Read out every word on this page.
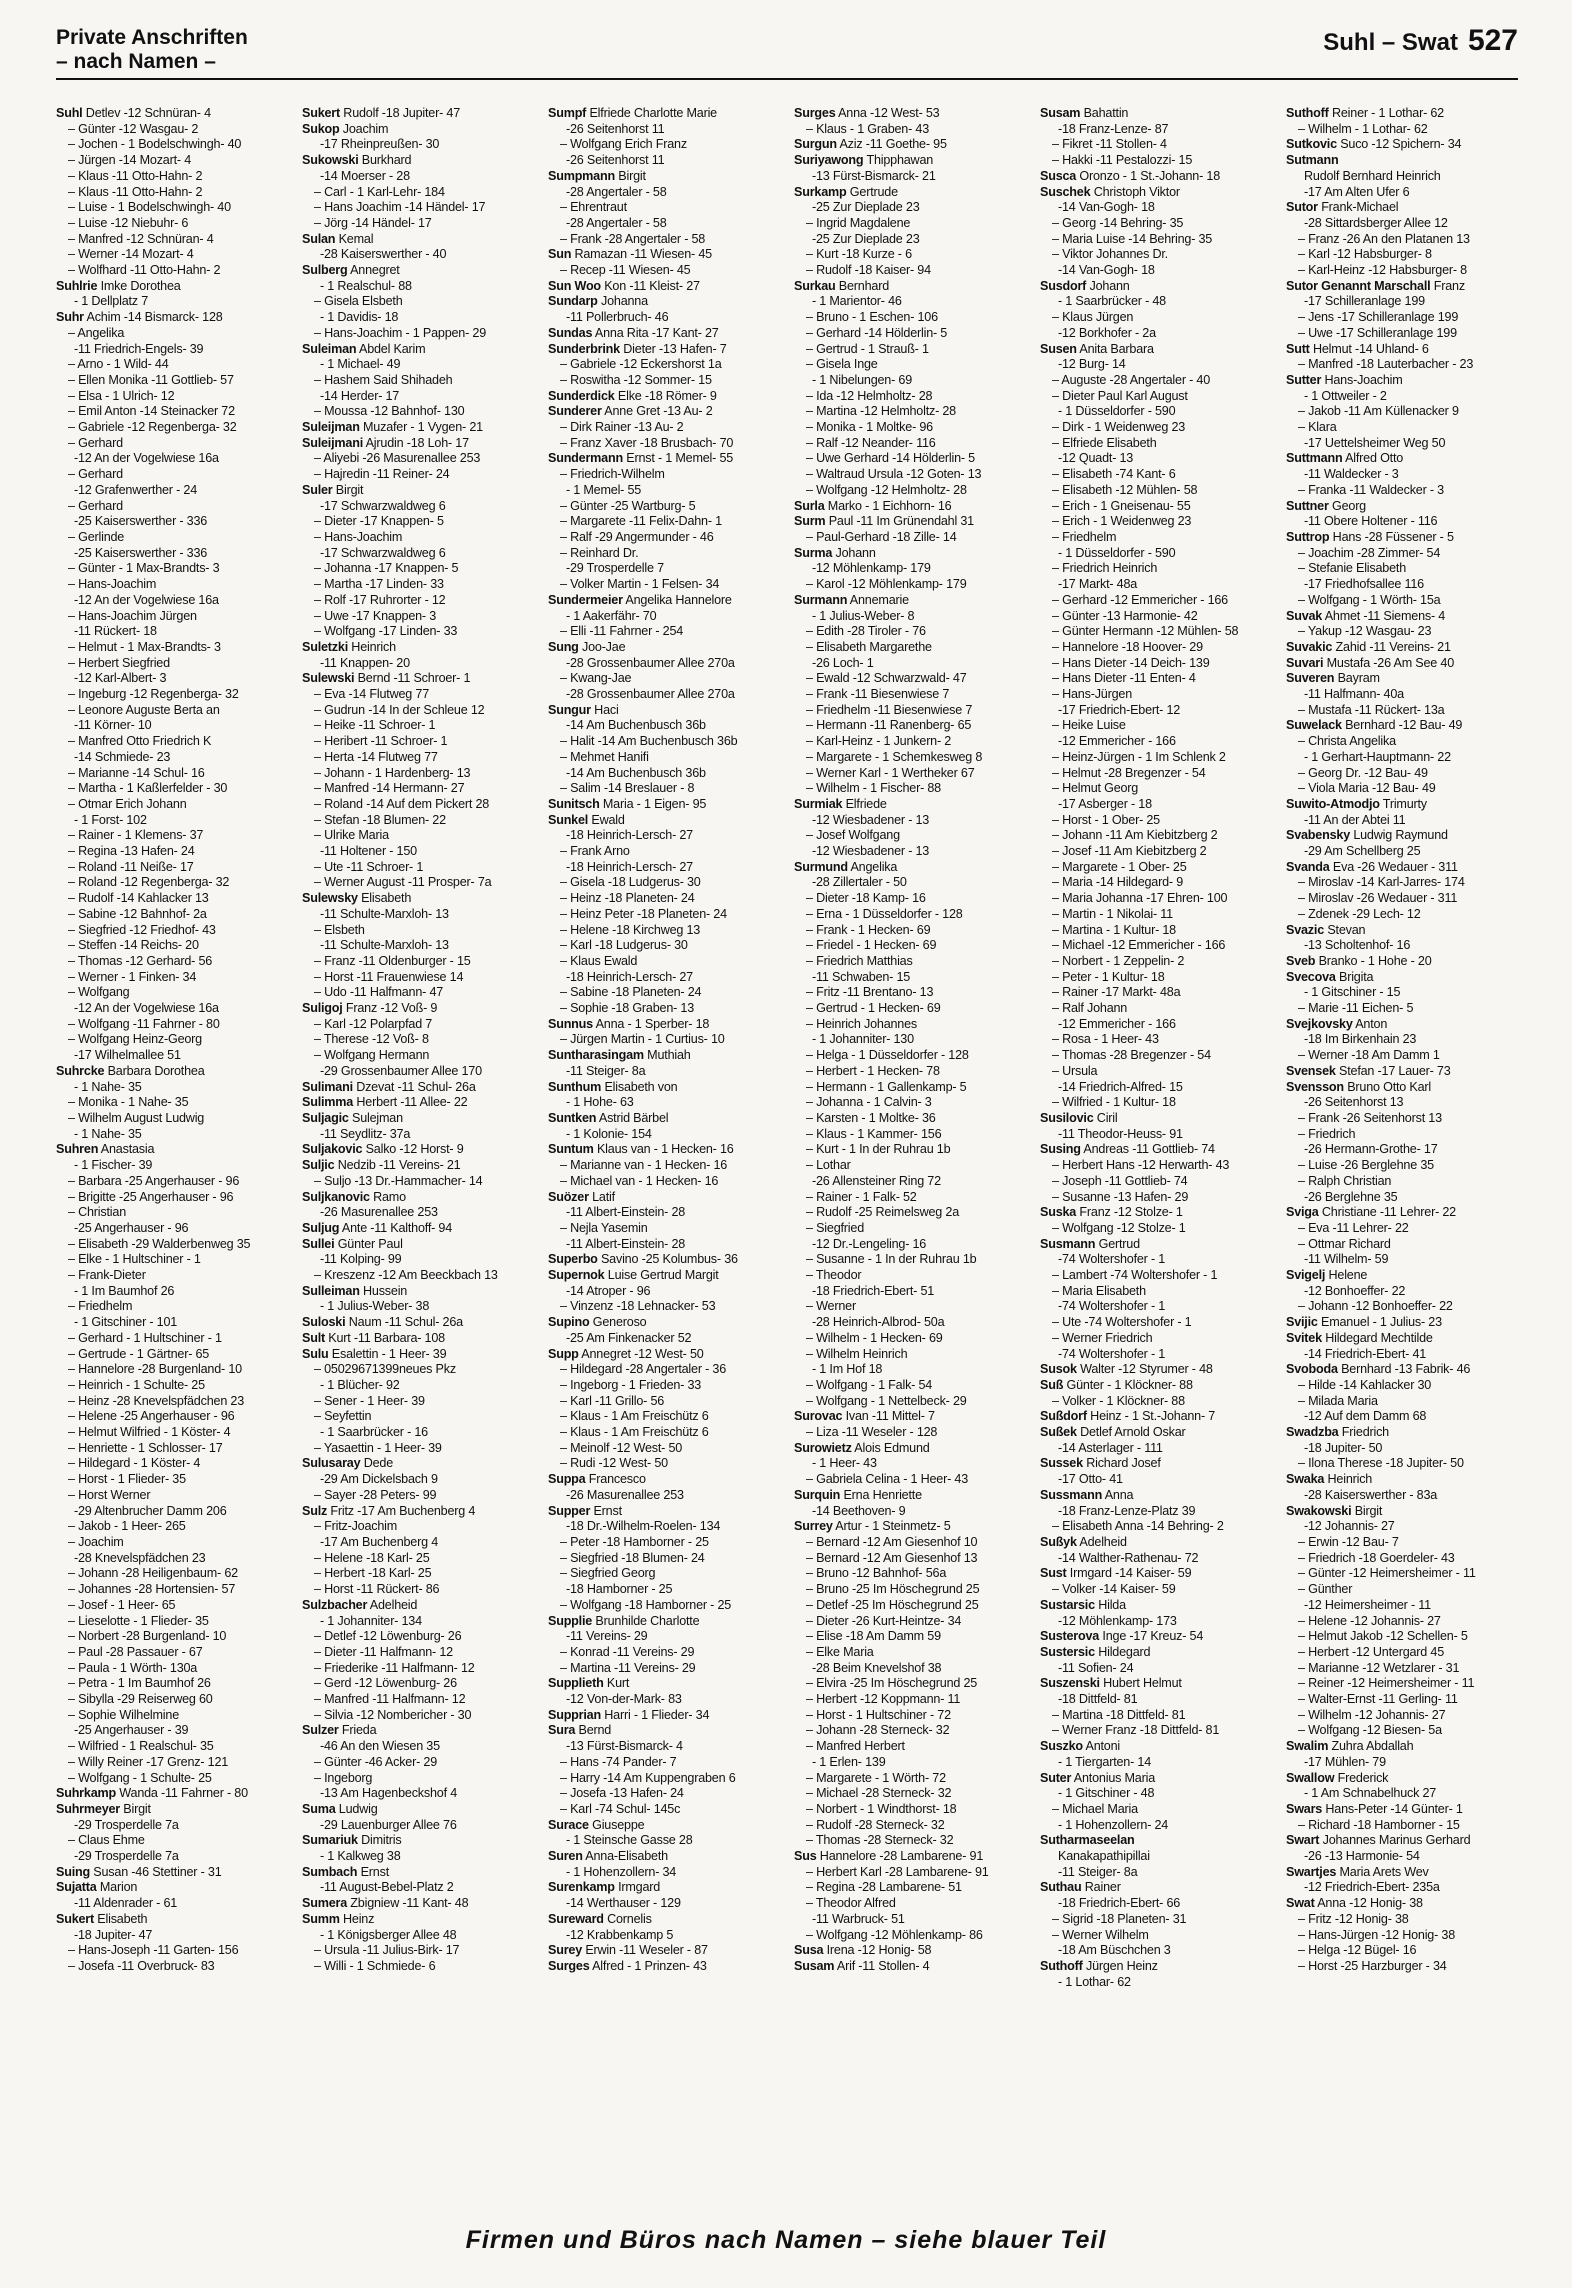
Private Anschriften
– nach Namen –
Suhl – Swat 527
Suhl Detlev -12 Schnüran- 4
– Günter -12 Wasgau- 2
– Jochen - 1 Bodelschwingh- 40
– Jürgen -14 Mozart- 4
– Klaus -11 Otto-Hahn- 2
– Klaus -11 Otto-Hahn- 2
– Luise - 1 Bodelschwingh- 40
– Luise -12 Niebuhr- 6
– Manfred -12 Schnüran- 4
– Werner -14 Mozart- 4
– Wolfhard -11 Otto-Hahn- 2
Suhlrie Imke Dorothea
- 1 Dellplatz 7
Suhr Achim -14 Bismarck- 128
– Angelika
-11 Friedrich-Engels- 39
– Arno - 1 Wild- 44
– Ellen Monika -11 Gottlieb- 57
– Elsa - 1 Ulrich- 12
– Emil Anton -14 Steinacker 72
– Gabriele -12 Regenberga- 32
– Gerhard
-12 An der Vogelwiese 16a
– Gerhard
-12 Grafenwerther - 24
– Gerhard
-25 Kaiserswerther - 336
– Gerlinde
-25 Kaiserswerther - 336
– Günter - 1 Max-Brandts- 3
– Hans-Joachim
-12 An der Vogelwiese 16a
– Hans-Joachim Jürgen
-11 Rückert- 18
– Helmut - 1 Max-Brandts- 3
– Herbert Siegfried
-12 Karl-Albert- 3
– Ingeburg -12 Regenberga- 32
– Leonore Auguste Berta an
-11 Körner- 10
– Manfred Otto Friedrich K
-14 Schmiede- 23
– Marianne -14 Schul- 16
– Martha - 1 Kaßlerfelder - 30
– Otmar Erich Johann
- 1 Forst- 102
– Rainer - 1 Klemens- 37
– Regina -13 Hafen- 24
– Roland -11 Neiße- 17
– Roland -12 Regenberga- 32
– Rudolf -14 Kahlacker 13
– Sabine -12 Bahnhof- 2a
– Siegfried -12 Friedhof- 43
– Steffen -14 Reichs- 20
– Thomas -12 Gerhard- 56
– Werner - 1 Finken- 34
– Wolfgang
-12 An der Vogelwiese 16a
– Wolfgang -11 Fahrner - 80
– Wolfgang Heinz-Georg
-17 Wilhelmallee 51
Suhrcke Barbara Dorothea
- 1 Nahe- 35
– Monika - 1 Nahe- 35
– Wilhelm August Ludwig
- 1 Nahe- 35
Suhren Anastasia
- 1 Fischer- 39
– Barbara -25 Angerhauser - 96
– Brigitte -25 Angerhauser - 96
– Christian
-25 Angerhauser - 96
– Elisabeth -29 Walderbenweg 35
– Elke - 1 Hultschiner - 1
– Frank-Dieter
- 1 Im Baumhof 26
– Friedhelm
- 1 Gitschiner - 101
– Gerhard - 1 Hultschiner - 1
– Gertrude - 1 Gärtner- 65
– Hannelore -28 Burgenland- 10
– Heinrich - 1 Schulte- 25
– Heinz -28 Knevelspfädchen 23
– Helene -25 Angerhauser - 96
– Helmut Wilfried - 1 Köster- 4
– Henriette - 1 Schlosser- 17
– Hildegard - 1 Köster- 4
– Horst - 1 Flieder- 35
– Horst Werner
-29 Altenbrucher Damm 206
– Jakob - 1 Heer- 265
– Joachim
-28 Knevelspfädchen 23
– Johann -28 Heiligenbaum- 62
– Johannes -28 Hortensien- 57
– Josef - 1 Heer- 65
– Lieselotte - 1 Flieder- 35
– Norbert -28 Burgenland- 10
– Paul -28 Passauer - 67
– Paula - 1 Wörth- 130a
– Petra - 1 Im Baumhof 26
– Sibylla -29 Reiserweg 60
– Sophie Wilhelmine
-25 Angerhauser - 39
– Wilfried - 1 Realschul- 35
– Willy Reiner -17 Grenz- 121
– Wolfgang - 1 Schulte- 25
Suhrkamp Wanda -11 Fahrner - 80
Suhrmeyer Birgit
-29 Trosperdelle 7a
– Claus Ehme
-29 Trosperdelle 7a
Suing Susan -46 Stettiner - 31
Sujatta Marion
-11 Aldenrader - 61
Sukert Elisabeth
-18 Jupiter- 47
– Hans-Joseph -11 Garten- 156
– Josefa -11 Overbruck- 83
Sukert Rudolf -18 Jupiter- 47
Sukop Joachim
-17 Rheinpreußen- 30
Sukowski Burkhard
-14 Moerser - 28
– Carl - 1 Karl-Lehr- 184
– Hans Joachim -14 Händel- 17
– Jörg -14 Händel- 17
Sulan Kemal
-28 Kaiserswerther - 40
Sulberg Annegret
- 1 Realschul- 88
– Gisela Elsbeth
- 1 Davidis- 18
– Hans-Joachim - 1 Pappen- 29
Suleiman Abdel Karim
- 1 Michael- 49
– Hashem Said Shihadeh
-14 Herder- 17
– Moussa -12 Bahnhof- 130
Suleijman Muzafer - 1 Vygen- 21
Suleijmani Ajrudin -18 Loh- 17
– Aliyebi -26 Masurenallee 253
– Hajredin -11 Reiner- 24
Suler Birgit
-17 Schwarzwaldweg 6
– Dieter -17 Knappen- 5
– Hans-Joachim
-17 Schwarzwaldweg 6
– Johanna -17 Knappen- 5
– Martha -17 Linden- 33
– Rolf -17 Ruhrorter - 12
– Uwe -17 Knappen- 3
– Wolfgang -17 Linden- 33
Suletzki Heinrich
-11 Knappen- 20
Sulewski Bernd -11 Schroer- 1
– Eva -14 Flutweg 77
– Gudrun -14 In der Schleue 12
– Heike -11 Schroer- 1
– Heribert -11 Schroer- 1
– Herta -14 Flutweg 77
– Johann - 1 Hardenberg- 13
– Manfred -14 Hermann- 27
– Roland -14 Auf dem Pickert 28
– Stefan -18 Blumen- 22
– Ulrike Maria
-11 Holtener - 150
– Ute -11 Schroer- 1
– Werner August -11 Prosper- 7a
Sulewsky Elisabeth
-11 Schulte-Marxloh- 13
– Elsbeth
-11 Schulte-Marxloh- 13
– Franz -11 Oldenburger - 15
– Horst -11 Frauenwiese 14
– Udo -11 Halfmann- 47
Suligoj Franz -12 Voß- 9
– Karl -12 Polarpfad 7
– Therese -12 Voß- 8
– Wolfgang Hermann
-29 Grossenbaumer Allee 170
Sulimani Dzevat -11 Schul- 26a
Sulimma Herbert -11 Allee- 22
Suljagic Sulejman
-11 Seydlitz- 37a
Suljakovic Salko -12 Horst- 9
Suljic Nedzib -11 Vereins- 21
– Suljo -13 Dr.-Hammacher- 14
Suljkanovic Ramo
-26 Masurenallee 253
Suljug Ante -11 Kalthoff- 94
Sullei Günter Paul
-11 Kolping- 99
– Kreszenz -12 Am Beeckbach 13
Sulleiman Hussein
- 1 Julius-Weber- 38
Suloski Naum -11 Schul- 26a
Sult Kurt -11 Barbara- 108
Sulu Esalettin - 1 Heer- 39
– 05029671399neues Pkz
- 1 Blücher- 92
– Sener - 1 Heer- 39
– Seyfettin
- 1 Saarbrücker - 16
– Yasaettin - 1 Heer- 39
Sulusaray Dede
-29 Am Dickelsbach 9
– Sayer -28 Peters- 99
Sulz Fritz -17 Am Buchenberg 4
– Fritz-Joachim
-17 Am Buchenberg 4
– Helene -18 Karl- 25
– Herbert -18 Karl- 25
– Horst -11 Rückert- 86
Sulzbacher Adelheid
- 1 Johanniter- 134
– Detlef -12 Löwenburg- 26
– Dieter -11 Halfmann- 12
– Friederike -11 Halfmann- 12
– Gerd -12 Löwenburg- 26
– Manfred -11 Halfmann- 12
– Silvia -12 Nombericher - 30
Sulzer Frieda
-46 An den Wiesen 35
– Günter -46 Acker- 29
– Ingeborg
-13 Am Hagenbeckshof 4
Suma Ludwig
-29 Lauenburger Allee 76
Sumariuk Dimitris
- 1 Kalkweg 38
Sumbach Ernst
-11 August-Bebel-Platz 2
Sumera Zbigniew -11 Kant- 48
Summ Heinz
- 1 Königsberger Allee 48
– Ursula -11 Julius-Birk- 17
– Willi - 1 Schmiede- 6
Sumpf Elfriede Charlotte Marie
-26 Seitenhorst 11
– Wolfgang Erich Franz
-26 Seitenhorst 11
Sumpmann Birgit
-28 Angertaler - 58
– Ehrentraut
-28 Angertaler - 58
– Frank -28 Angertaler - 58
Sun Ramazan -11 Wiesen- 45
– Recep -11 Wiesen- 45
Sun Woo Kon -11 Kleist- 27
Sundarp Johanna
-11 Pollerbruch- 46
Sundas Anna Rita -17 Kant- 27
Sunderbrink Dieter -13 Hafen- 7
– Gabriele -12 Eckershorst 1a
– Roswitha -12 Sommer- 15
Sunderdick Elke -18 Römer- 9
Sunderer Anne Gret -13 Au- 2
– Dirk Rainer -13 Au- 2
– Franz Xaver -18 Brusbach- 70
Sundermann Ernst - 1 Memel- 55
– Friedrich-Wilhelm
- 1 Memel- 55
– Günter -25 Wartburg- 5
– Margarete -11 Felix-Dahn- 1
– Ralf -29 Angermunder - 46
– Reinhard Dr.
-29 Trosperdelle 7
– Volker Martin - 1 Felsen- 34
Sundermeier Angelika Hannelore
- 1 Aakerfähr- 70
– Elli -11 Fahrner - 254
Sung Joo-Jae
-28 Grossenbaumer Allee 270a
– Kwang-Jae
-28 Grossenbaumer Allee 270a
Sungur Haci
-14 Am Buchenbusch 36b
– Halit -14 Am Buchenbusch 36b
– Mehmet Hanifi
-14 Am Buchenbusch 36b
– Salim -14 Breslauer - 8
Sunitsch Maria - 1 Eigen- 95
Sunkel Ewald
-18 Heinrich-Lersch- 27
– Frank Arno
-18 Heinrich-Lersch- 27
– Gisela -18 Ludgerus- 30
– Heinz -18 Planeten- 24
– Heinz Peter -18 Planeten- 24
– Helene -18 Kirchweg 13
– Karl -18 Ludgerus- 30
– Klaus Ewald
-18 Heinrich-Lersch- 27
– Sabine -18 Planeten- 24
– Sophie -18 Graben- 13
Sunnus Anna - 1 Sperber- 18
– Jürgen Martin - 1 Curtius- 10
Suntharasingam Muthiah
-11 Steiger- 8a
Sunthum Elisabeth von
- 1 Hohe- 63
Suntken Astrid Bärbel
- 1 Kolonie- 154
Suntum Klaus van - 1 Hecken- 16
– Marianne van - 1 Hecken- 16
– Michael van - 1 Hecken- 16
Suözer Latif
-11 Albert-Einstein- 28
– Nejla Yasemin
-11 Albert-Einstein- 28
Superbo Savino -25 Kolumbus- 36
Supernok Luise Gertrud Margit
-14 Atroper - 96
– Vinzenz -18 Lehnacker- 53
Supino Generoso
-25 Am Finkenacker 52
Supp Annegret -12 West- 50
– Hildegard -28 Angertaler - 36
– Ingeborg - 1 Frieden- 33
– Karl -11 Grillo- 56
– Klaus - 1 Am Freischütz 6
– Klaus - 1 Am Freischütz 6
– Meinolf -12 West- 50
– Rudi -12 West- 50
Suppa Francesco
-26 Masurenallee 253
Supper Ernst
-18 Dr.-Wilhelm-Roelen- 134
– Peter -18 Hamborner - 25
– Siegfried -18 Blumen- 24
– Siegfried Georg
-18 Hamborner - 25
– Wolfgang -18 Hamborner - 25
Supplie Brunhilde Charlotte
-11 Vereins- 29
– Konrad -11 Vereins- 29
– Martina -11 Vereins- 29
Supplieth Kurt
-12 Von-der-Mark- 83
Supprian Harri - 1 Flieder- 34
Sura Bernd
-13 Fürst-Bismarck- 4
– Hans -74 Pander- 7
– Harry -14 Am Kuppengraben 6
– Josefa -13 Hafen- 24
– Karl -74 Schul- 145c
Surace Giuseppe
- 1 Steinsche Gasse 28
Suren Anna-Elisabeth
- 1 Hohenzollern- 34
Surenkamp Irmgard
-14 Werthauser - 129
Sureward Cornelis
-12 Krabbenkamp 5
Surey Erwin -11 Weseler - 87
Surges Alfred - 1 Prinzen- 43
Surges Anna -12 West- 53
– Klaus - 1 Graben- 43
Surgun Aziz -11 Goethe- 95
Suriyawong Thipphawan
-13 Fürst-Bismarck- 21
Surkamp Gertrude
-25 Zur Dieplade 23
– Ingrid Magdalene
-25 Zur Dieplade 23
– Kurt -18 Kurze - 6
– Rudolf -18 Kaiser- 94
Surkau Bernhard
- 1 Marientor- 46
– Bruno - 1 Eschen- 106
– Gerhard -14 Hölderlin- 5
– Gertrud - 1 Strauß- 1
– Gisela Inge
- 1 Nibelungen- 69
– Ida -12 Helmholtz- 28
– Martina -12 Helmholtz- 28
– Monika - 1 Moltke- 96
– Ralf -12 Neander- 116
– Uwe Gerhard -14 Hölderlin- 5
– Waltraud Ursula -12 Goten- 13
– Wolfgang -12 Helmholtz- 28
Surla Marko - 1 Eichhorn- 16
Surm Paul -11 Im Grünendahl 31
– Paul-Gerhard -18 Zille- 14
Surma Johann
-12 Möhlenkamp- 179
– Karol -12 Möhlenkamp- 179
Surmann Annemarie
- 1 Julius-Weber- 8
– Edith -28 Tiroler - 76
– Elisabeth Margarethe
-26 Loch- 1
– Ewald -12 Schwarzwald- 47
– Frank -11 Biesenwiese 7
– Friedhelm -11 Biesenwiese 7
– Hermann -11 Ranenberg- 65
– Karl-Heinz - 1 Junkern- 2
– Margarete - 1 Schemkesweg 8
– Werner Karl - 1 Wertheker 67
– Wilhelm - 1 Fischer- 88
Surmiak Elfriede
-12 Wiesbadener - 13
– Josef Wolfgang
-12 Wiesbadener - 13
Surmund Angelika
-28 Zillertaler - 50
– Dieter -18 Kamp- 16
– Erna - 1 Düsseldorfer - 128
– Frank - 1 Hecken- 69
– Friedel - 1 Hecken- 69
– Friedrich Matthias
-11 Schwaben- 15
– Fritz -11 Brentano- 13
– Gertrud - 1 Hecken- 69
– Heinrich Johannes
- 1 Johanniter- 130
– Helga - 1 Düsseldorfer - 128
– Herbert - 1 Hecken- 78
– Hermann - 1 Gallenkamp- 5
– Johanna - 1 Calvin- 3
– Karsten - 1 Moltke- 36
– Klaus - 1 Kammer- 156
– Kurt - 1 In der Ruhrau 1b
– Lothar
-26 Allensteiner Ring 72
– Rainer - 1 Falk- 52
– Rudolf -25 Reimelsweg 2a
– Siegfried
-12 Dr.-Lengeling- 16
– Susanne - 1 In der Ruhrau 1b
– Theodor
-18 Friedrich-Ebert- 51
– Werner
-28 Heinrich-Albrod- 50a
– Wilhelm - 1 Hecken- 69
– Wilhelm Heinrich
- 1 Im Hof 18
– Wolfgang - 1 Falk- 54
– Wolfgang - 1 Nettelbeck- 29
Surovac Ivan -11 Mittel- 7
– Liza -11 Weseler - 128
Surowietz Alois Edmund
- 1 Heer- 43
– Gabriela Celina - 1 Heer- 43
Surquin Erna Henriette
-14 Beethoven- 9
Surrey Artur - 1 Steinmetz- 5
– Bernard -12 Am Giesenhof 10
– Bernard -12 Am Giesenhof 13
– Bruno -12 Bahnhof- 56a
– Bruno -25 Im Höschegrund 25
– Detlef -25 Im Höschegrund 25
– Dieter -26 Kurt-Heintze- 34
– Elise -18 Am Damm 59
– Elke Maria
-28 Beim Knevelshof 38
– Elvira -25 Im Höschegrund 25
– Herbert -12 Koppmann- 11
– Horst - 1 Hultschiner - 72
– Johann -28 Sterneck- 32
– Manfred Herbert
- 1 Erlen- 139
– Margarete - 1 Wörth- 72
– Michael -28 Sterneck- 32
– Norbert - 1 Windthorst- 18
– Rudolf -28 Sterneck- 32
– Thomas -28 Sterneck- 32
Sus Hannelore -28 Lambarene- 91
– Herbert Karl -28 Lambarene- 91
– Regina -28 Lambarene- 51
– Theodor Alfred
-11 Warbruck- 51
– Wolfgang -12 Möhlenkamp- 86
Susa Irena -12 Honig- 58
Susam Arif -11 Stollen- 4
Susam Bahattin
-18 Franz-Lenze- 87
– Fikret -11 Stollen- 4
– Hakki -11 Pestalozzi- 15
Susca Oronzo - 1 St.-Johann- 18
Suschek Christoph Viktor
-14 Van-Gogh- 18
– Georg -14 Behring- 35
– Maria Luise -14 Behring- 35
– Viktor Johannes Dr.
-14 Van-Gogh- 18
Susdorf Johann
- 1 Saarbrücker - 48
– Klaus Jürgen
-12 Borkhofer - 2a
Susen Anita Barbara
-12 Burg- 14
– Auguste -28 Angertaler - 40
– Dieter Paul Karl August
- 1 Düsseldorfer - 590
– Dirk - 1 Weidenweg 23
– Elfriede Elisabeth
-12 Quadt- 13
– Elisabeth -74 Kant- 6
– Elisabeth -12 Mühlen- 58
– Erich - 1 Gneisenau- 55
– Erich - 1 Weidenweg 23
– Friedhelm
- 1 Düsseldorfer - 590
– Friedrich Heinrich
-17 Markt- 48a
– Gerhard -12 Emmericher - 166
– Günter -13 Harmonie- 42
– Günter Hermann -12 Mühlen- 58
– Hannelore -18 Hoover- 29
– Hans Dieter -14 Deich- 139
– Hans Dieter -11 Enten- 4
– Hans-Jürgen
-17 Friedrich-Ebert- 12
– Heike Luise
-12 Emmericher - 166
– Heinz-Jürgen - 1 Im Schlenk 2
– Helmut -28 Bregenzer - 54
– Helmut Georg
-17 Asberger - 18
– Horst - 1 Ober- 25
– Johann -11 Am Kiebitzberg 2
– Josef -11 Am Kiebitzberg 2
– Margarete - 1 Ober- 25
– Maria -14 Hildegard- 9
– Maria Johanna -17 Ehren- 100
– Martin - 1 Nikolai- 11
– Martina - 1 Kultur- 18
– Michael -12 Emmericher - 166
– Norbert - 1 Zeppelin- 2
– Peter - 1 Kultur- 18
– Rainer -17 Markt- 48a
– Ralf Johann
-12 Emmericher - 166
– Rosa - 1 Heer- 43
– Thomas -28 Bregenzer - 54
– Ursula
-14 Friedrich-Alfred- 15
– Wilfried - 1 Kultur- 18
Susilovic Ciril
-11 Theodor-Heuss- 91
Susing Andreas -11 Gottlieb- 74
– Herbert Hans -12 Herwarth- 43
– Joseph -11 Gottlieb- 74
– Susanne -13 Hafen- 29
Suska Franz -12 Stolze- 1
– Wolfgang -12 Stolze- 1
Susmann Gertrud
-74 Woltershofer - 1
– Lambert -74 Woltershofer - 1
– Maria Elisabeth
-74 Woltershofer - 1
– Ute -74 Woltershofer - 1
– Werner Friedrich
-74 Woltershofer - 1
Susok Walter -12 Styrumer - 48
Suß Günter - 1 Klöckner- 88
– Volker - 1 Klöckner- 88
Sußdorf Heinz - 1 St.-Johann- 7
Sußek Detlef Arnold Oskar
-14 Asterlager - 111
Sussek Richard Josef
-17 Otto- 41
Sussmann Anna
-18 Franz-Lenze-Platz 39
– Elisabeth Anna -14 Behring- 2
Sußyk Adelheid
-14 Walther-Rathenau- 72
Sust Irmgard -14 Kaiser- 59
– Volker -14 Kaiser- 59
Sustarsic Hilda
-12 Möhlenkamp- 173
Susterova Inge -17 Kreuz- 54
Sustersic Hildegard
-11 Sofien- 24
Suszenski Hubert Helmut
-18 Dittfeld- 81
– Martina -18 Dittfeld- 81
– Werner Franz -18 Dittfeld- 81
Suszko Antoni
- 1 Tiergarten- 14
Suter Antonius Maria
- 1 Gitschiner - 48
– Michael Maria
- 1 Hohenzollern- 24
Sutharmaseelan
Kanakapathipillai
-11 Steiger- 8a
Suthau Rainer
-18 Friedrich-Ebert- 66
– Sigrid -18 Planeten- 31
– Werner Wilhelm
-18 Am Büschchen 3
Suthoff Jürgen Heinz
- 1 Lothar- 62
Suthoff Reiner - 1 Lothar- 62
– Wilhelm - 1 Lothar- 62
Sutkovic Suco -12 Spichern- 34
Sutmann
Rudolf Bernhard Heinrich
-17 Am Alten Ufer 6
Sutor Frank-Michael
-28 Sittardsberger Allee 12
– Franz -26 An den Platanen 13
– Karl -12 Habsburger- 8
– Karl-Heinz -12 Habsburger- 8
Sutor Genannt Marschall Franz
-17 Schilleranlage 199
– Jens -17 Schilleranlage 199
– Uwe -17 Schilleranlage 199
Sutt Helmut -14 Uhland- 6
– Manfred -18 Lauterbacher - 23
Sutter Hans-Joachim
- 1 Ottweiler - 2
– Jakob -11 Am Küllenacker 9
– Klara
-17 Uettelsheimer Weg 50
Suttmann Alfred Otto
-11 Waldecker - 3
– Franka -11 Waldecker - 3
Suttner Georg
-11 Obere Holtener - 116
Suttrop Hans -28 Füssener - 5
– Joachim -28 Zimmer- 54
– Stefanie Elisabeth
-17 Friedhofsallee 116
– Wolfgang - 1 Wörth- 15a
Suvak Ahmet -11 Siemens- 4
– Yakup -12 Wasgau- 23
Suvakic Zahid -11 Vereins- 21
Suvari Mustafa -26 Am See 40
Suveren Bayram
-11 Halfmann- 40a
– Mustafa -11 Rückert- 13a
Suwelack Bernhard -12 Bau- 49
– Christa Angelika
- 1 Gerhart-Hauptmann- 22
– Georg Dr. -12 Bau- 49
– Viola Maria -12 Bau- 49
Suwito-Atmodjo Trimurty
-11 An der Abtei 11
Svabensky Ludwig Raymund
-29 Am Schellberg 25
Svanda Eva -26 Wedauer - 311
– Miroslav -14 Karl-Jarres- 174
– Miroslav -26 Wedauer - 311
– Zdenek -29 Lech- 12
Svazic Stevan
-13 Scholtenhof- 16
Sveb Branko - 1 Hohe - 20
Svecova Brigita
- 1 Gitschiner - 15
– Marie -11 Eichen- 5
Svejkovsky Anton
-18 Im Birkenhain 23
– Werner -18 Am Damm 1
Svensek Stefan -17 Lauer- 73
Svensson Bruno Otto Karl
-26 Seitenhorst 13
– Frank -26 Seitenhorst 13
– Friedrich
-26 Hermann-Grothe- 17
– Luise -26 Berglehne 35
– Ralph Christian
-26 Berglehne 35
Sviga Christiane -11 Lehrer- 22
– Eva -11 Lehrer- 22
– Ottmar Richard
-11 Wilhelm- 59
Svigelj Helene
-12 Bonhoeffer- 22
– Johann -12 Bonhoeffer- 22
Svijic Emanuel - 1 Julius- 23
Svitek Hildegard Mechtilde
-14 Friedrich-Ebert- 41
Svoboda Bernhard -13 Fabrik- 46
– Hilde -14 Kahlacker 30
– Milada Maria
-12 Auf dem Damm 68
Swadzba Friedrich
-18 Jupiter- 50
– Ilona Therese -18 Jupiter- 50
Swaka Heinrich
-28 Kaiserswerther - 83a
Swakowski Birgit
-12 Johannis- 27
– Erwin -12 Bau- 7
– Friedrich -18 Goerdeler- 43
– Günter -12 Heimersheimer - 11
– Günther
-12 Heimersheimer - 11
– Helene -12 Johannis- 27
– Helmut Jakob -12 Schellen- 5
– Herbert -12 Untergard 45
– Marianne -12 Wetzlarer - 31
– Reiner -12 Heimersheimer - 11
– Walter-Ernst -11 Gerling- 11
– Wilhelm -12 Johannis- 27
– Wolfgang -12 Biesen- 5a
Swalim Zuhra Abdallah
-17 Mühlen- 79
Swallow Frederick
- 1 Am Schnabelhuck 27
Swars Hans-Peter -14 Günter- 1
– Richard -18 Hamborner - 15
Swart Johannes Marinus Gerhard
-26 -13 Harmonie- 54
Swartjes Maria Arets Wev
-12 Friedrich-Ebert- 235a
Swat Anna -12 Honig- 38
– Fritz -12 Honig- 38
– Hans-Jürgen -12 Honig- 38
– Helga -12 Bügel- 16
– Horst -25 Harzburger - 34
Firmen und Büros nach Namen – siehe blauer Teil
